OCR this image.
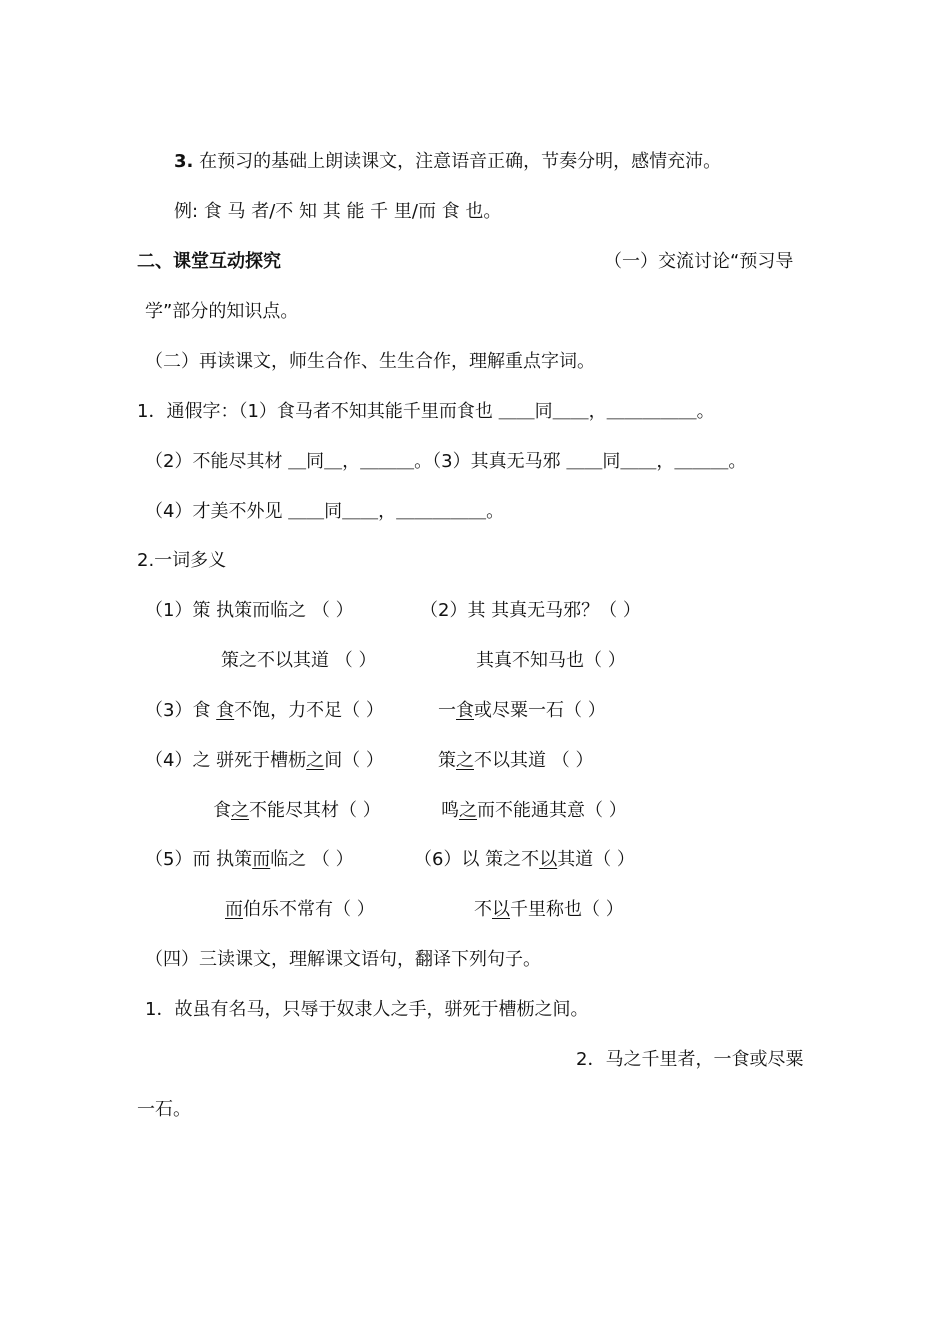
3. 在预习的基础上朗读课文，注意语音正确，节奏分明，感情充沛。

例: 食 马 者/不 知 其 能 千 里/而 食 也。

二、课堂互动探究	（一）交流讨论“预习导

学”部分的知识点。

（二）再读课文，师生合作、生生合作，理解重点字词。

1．通假字：（1）食马者不知其能千里而食也 ＿＿同＿＿，＿＿＿＿＿。

（2）不能尽其材 ＿同＿，＿＿＿。（3）其真无马邪 ＿＿同＿＿，＿＿＿。

（4）才美不外见 ＿＿同＿＿，＿＿＿＿＿。

2.一词多义

（1）策 执策而临之 （ ）	（2）其 其真无马邪？（ ）

策之不以其道 （ ）	其真不知马也（ ）

（3）食 食不饱，力不足（ ）	一食或尽粟一石（ ）

（4）之 骈死于槽枥之间（ ）	策之不以其道 （ ）

食之不能尽其材（ ）	鸣之而不能通其意（ ）

（5）而 执策而临之 （ ）	（6）以 策之不以其道（ ）

而伯乐不常有（ ）	不以千里称也（ ）

（四）三读课文，理解课文语句，翻译下列句子。

1．故虽有名马，只辱于奴隶人之手，骈死于槽枥之间。

2．马之千里者，一食或尽粟

一石。
